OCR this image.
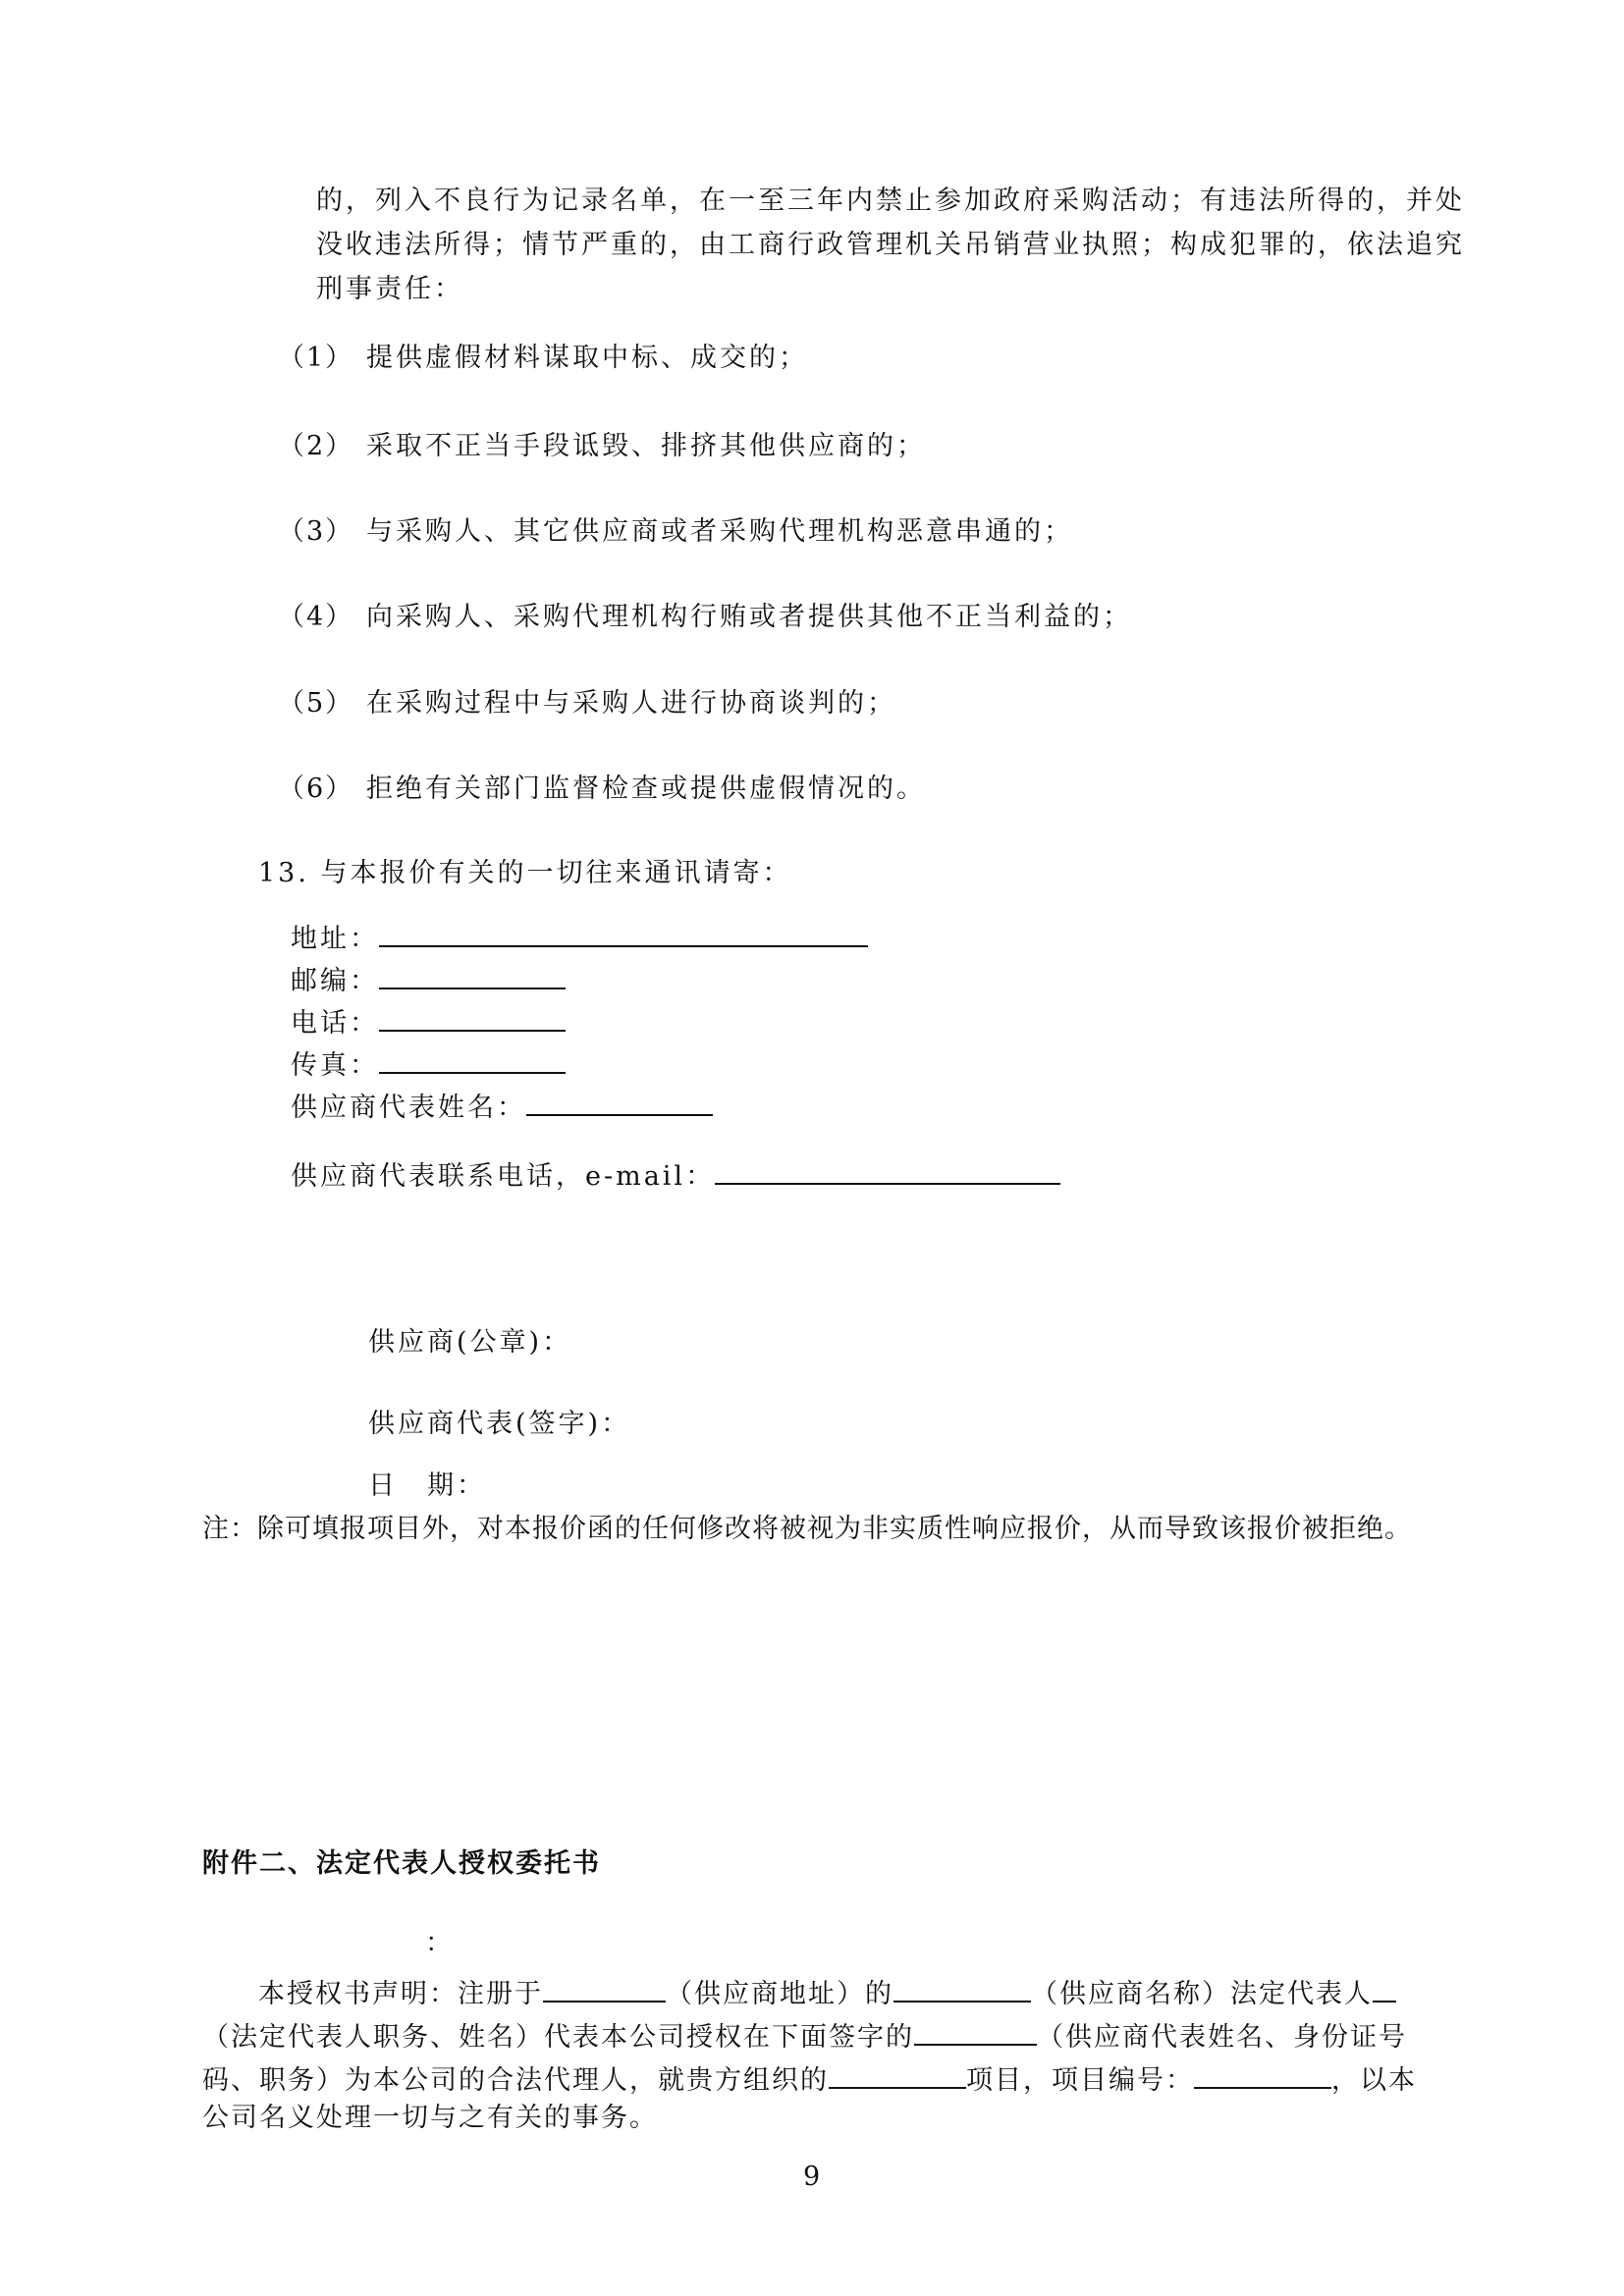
的，列入不良行为记录名单，在一至三年内禁止参加政府采购活动；有违法所得的，并处
没收违法所得；情节严重的，由工商行政管理机关吊销营业执照；构成犯罪的，依法追究
刑事责任：
（1） 提供虚假材料谋取中标、成交的；
（2） 采取不正当手段诋毁、排挤其他供应商的；
（3） 与采购人、其它供应商或者采购代理机构恶意串通的；
（4） 向采购人、采购代理机构行贿或者提供其他不正当利益的；
（5） 在采购过程中与采购人进行协商谈判的；
（6） 拒绝有关部门监督检查或提供虚假情况的。
13. 与本报价有关的一切往来通讯请寄：
地址：
邮编：
电话：
传真：
供应商代表姓名：
供应商代表联系电话，e-mail：
供应商(公章)：
供应商代表(签字)：
日　期：
注：除可填报项目外，对本报价函的任何修改将被视为非实质性响应报价，从而导致该报价被拒绝。
附件二、法定代表人授权委托书
：
本授权书声明：注册于	（供应商地址）的	（供应商名称）法定代表人
（法定代表人职务、姓名）代表本公司授权在下面签字的	（供应商代表姓名、身份证号
码、职务）为本公司的合法代理人，就贵方组织的	项目，项目编号：	，以本
公司名义处理一切与之有关的事务。
9
